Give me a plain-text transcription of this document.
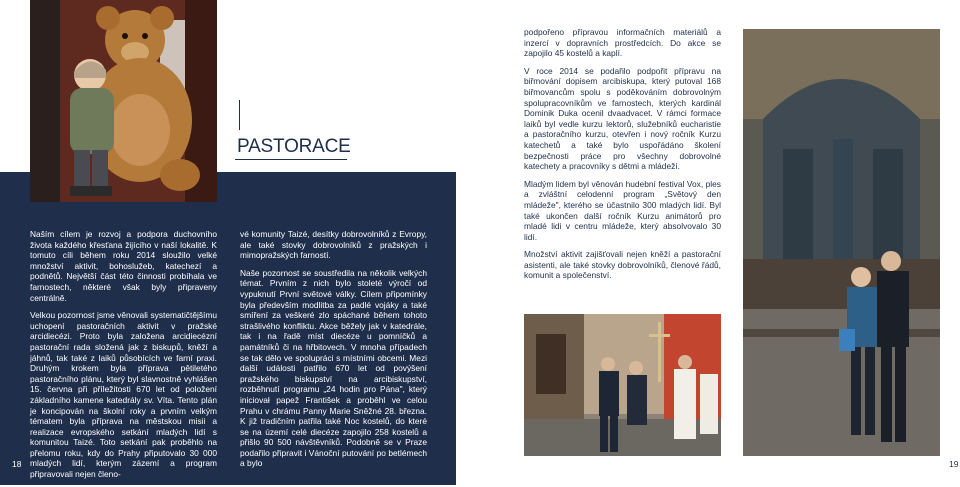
PASTORACE

Naším cílem je rozvoj a podpora duchovního života každého křesťana žijícího v naší lokalitě. K tomuto cíli během roku 2014 sloužilo velké množství aktivit, bohoslužeb, katechezí a podnětů. Největší část této činnosti probíhala ve farnostech, některé však byly připraveny centrálně.

Velkou pozornost jsme věnovali systematičtějšímu uchopení pastoračních aktivit v pražské arcidiecézi. Proto byla založena arcidiecézní pastorační rada složená jak z biskupů, kněží a jáhnů, tak také z laiků působících ve farní praxi. Druhým krokem byla příprava pětiletého pastoračního plánu, který byl slavnostně vyhlášen 15. června při příležitosti 670 let od položení základního kamene katedrály sv. Víta. Tento plán je koncipován na školní roky a prvním velkým tématem byla příprava na městskou misii a realizace evropského setkání mladých lidí s komunitou Taizé. Toto setkání pak proběhlo na přelomu roku, kdy do Prahy připutovalo 30 000 mladých lidí, kterým zázemí a program připravovali nejen členo-

vé komunity Taizé, desítky dobrovolníků z Evropy, ale také stovky dobrovolníků z pražských i mimopražských farností.

Naše pozornost se soustředila na několik velkých témat. Prvním z nich bylo stoleté výročí od vypuknutí První světové války. Cílem připomínky byla především modlitba za padlé vojáky a také smíření za veškeré zlo spáchané během tohoto strašlivého konfliktu. Akce běžely jak v katedrále, tak i na řadě míst diecéze u pomníčků a památníků či na hřbitovech. V mnoha případech se tak dělo ve spolupráci s místními obcemi. Mezi další události patřilo 670 let od povýšení pražského biskupství na arcibiskupství, rozběhnutí programu „24 hodin pro Pána", který iniciovał papež František a proběhl ve celou Prahu v chrámu Panny Marie Sněžné 28. března. K již tradičním patřila také Noc kostelů, do které se na území celé diecéze zapojilo 258 kostelů a přišlo 90 500 návštěvníků. Podobně se v Praze podařilo připravit i Vánoční putování po betlémech a bylo

18

podpořeno přípravou informačních materiálů a inzercí v dopravních prostředcích. Do akce se zapojilo 45 kostelů a kaplí.

V roce 2014 se podařilo podpořit přípravu na biřmování dopisem arcibiskupa, který putoval 168 biřmovancům spolu s poděkováním dobrovolným spolupracovníkům ve farnostech, kterých kardinál Dominik Duka ocenil dvaadvacet. V rámci formace laiků byl vedle kurzu lektorů, služebníků eucharistie a pastoračního kurzu, otevřen i nový ročník Kurzu katechetů a také bylo uspořádáno školení bezpečnosti práce pro všechny dobrovolné katechety a pracovníky s dětmi a mládeží.

Mladým lidem byl věnován hudební festival Vox, ples a zvláštní celodenní program „Světový den mládeže", kterého se účastnilo 300 mladých lidí. Byl také ukončen další ročník Kurzu animátorů pro mladé lidi v centru mládeže, který absolvovalo 30 lidí.

Množství aktivit zajišťovali nejen kněží a pastorační asistenti, ale také stovky dobrovolníků, členové řádů, komunit a společenství.

19
